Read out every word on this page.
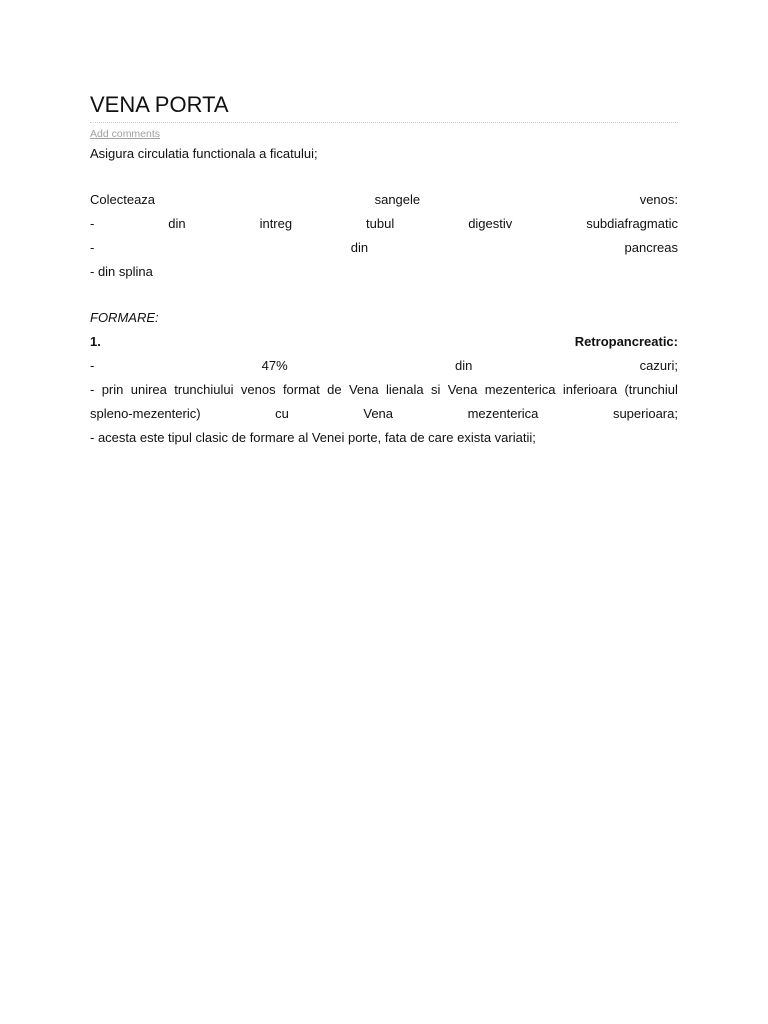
VENA PORTA
Add comments
Asigura circulatia functionala a ficatului;
Colecteaza	sangele	venos:
-	din	intreg	tubul	digestiv	subdiafragmatic
-	din	pancreas
- din splina
FORMARE:
1.	Retropancreatic:
-	47%	din	cazuri;
- prin unirea trunchiului venos format de Vena lienala si Vena mezenterica inferioara (trunchiul
spleno-mezenteric)	cu	Vena	mezenterica	superioara;
- acesta este tipul clasic de formare al Venei porte, fata de care exista variatii;
